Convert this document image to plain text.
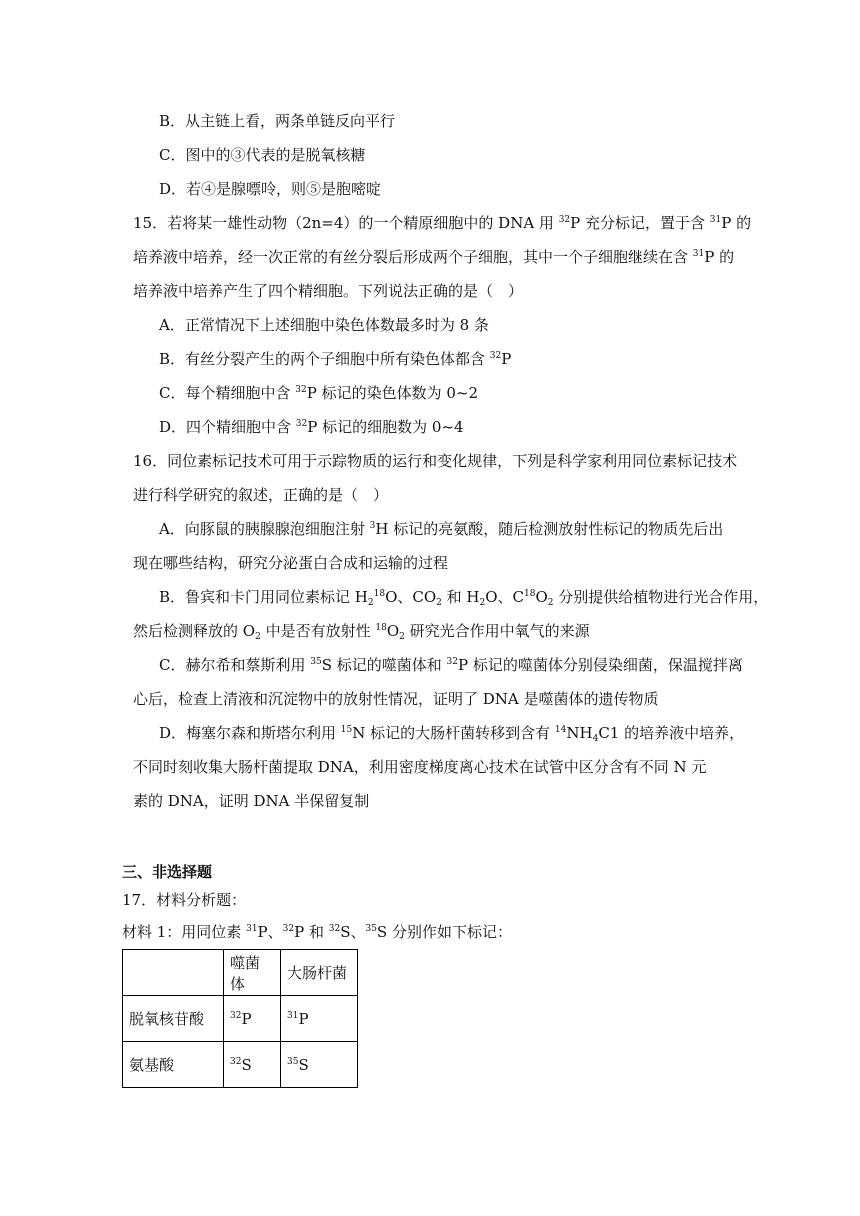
B．从主链上看，两条单链反向平行
C．图中的③代表的是脱氧核糖
D．若④是腺嘌呤，则⑤是胞嘧啶
15．若将某一雄性动物（2n=4）的一个精原细胞中的 DNA 用 $^{32}$P 充分标记，置于含 $^{31}$P 的
培养液中培养，经一次正常的有丝分裂后形成两个子细胞，其中一个子细胞继续在含 $^{31}$P 的
培养液中培养产生了四个精细胞。下列说法正确的是（　）
A．正常情况下上述细胞中染色体数最多时为 8 条
B．有丝分裂产生的两个子细胞中所有染色体都含 $^{32}$P
C．每个精细胞中含 $^{32}$P 标记的染色体数为 0~2
D．四个精细胞中含 $^{32}$P 标记的细胞数为 0~4
16．同位素标记技术可用于示踪物质的运行和变化规律，下列是科学家利用同位素标记技术
进行科学研究的叙述，正确的是（　）
A．向豚鼠的胰腺腺泡细胞注射 $^3$H 标记的亮氨酸，随后检测放射性标记的物质先后出
现在哪些结构，研究分泌蛋白合成和运输的过程
B．鲁宾和卡门用同位素标记 $H_2^{18}O$、$CO_2$ 和 $H_2O$、$C^{18}O_2$ 分别提供给植物进行光合作用，
然后检测释放的 $O_2$ 中是否有放射性 $^{18}O_2$ 研究光合作用中氧气的来源
C．赫尔希和蔡斯利用 $^{35}$S 标记的噬菌体和 $^{32}$P 标记的噬菌体分别侵染细菌，保温搅拌离
心后，检查上清液和沉淀物中的放射性情况，证明了 DNA 是噬菌体的遗传物质
D．梅塞尔森和斯塔尔利用 $^{15}$N 标记的大肠杆菌转移到含有 $^{14}NH_4C1$ 的培养液中培养，
不同时刻收集大肠杆菌提取 DNA，利用密度梯度离心技术在试管中区分含有不同 N 元
素的 DNA，证明 DNA 半保留复制
三、非选择题
17．材料分析题：
材料 1：用同位素 $^{31}$P、$^{32}$P 和 $^{32}$S、$^{35}$S 分别作如下标记：
	噬菌体	大肠杆菌
脱氧核苷酸	$^{32}$P	$^{31}$P
氨基酸	$^{32}$S	$^{35}$S
